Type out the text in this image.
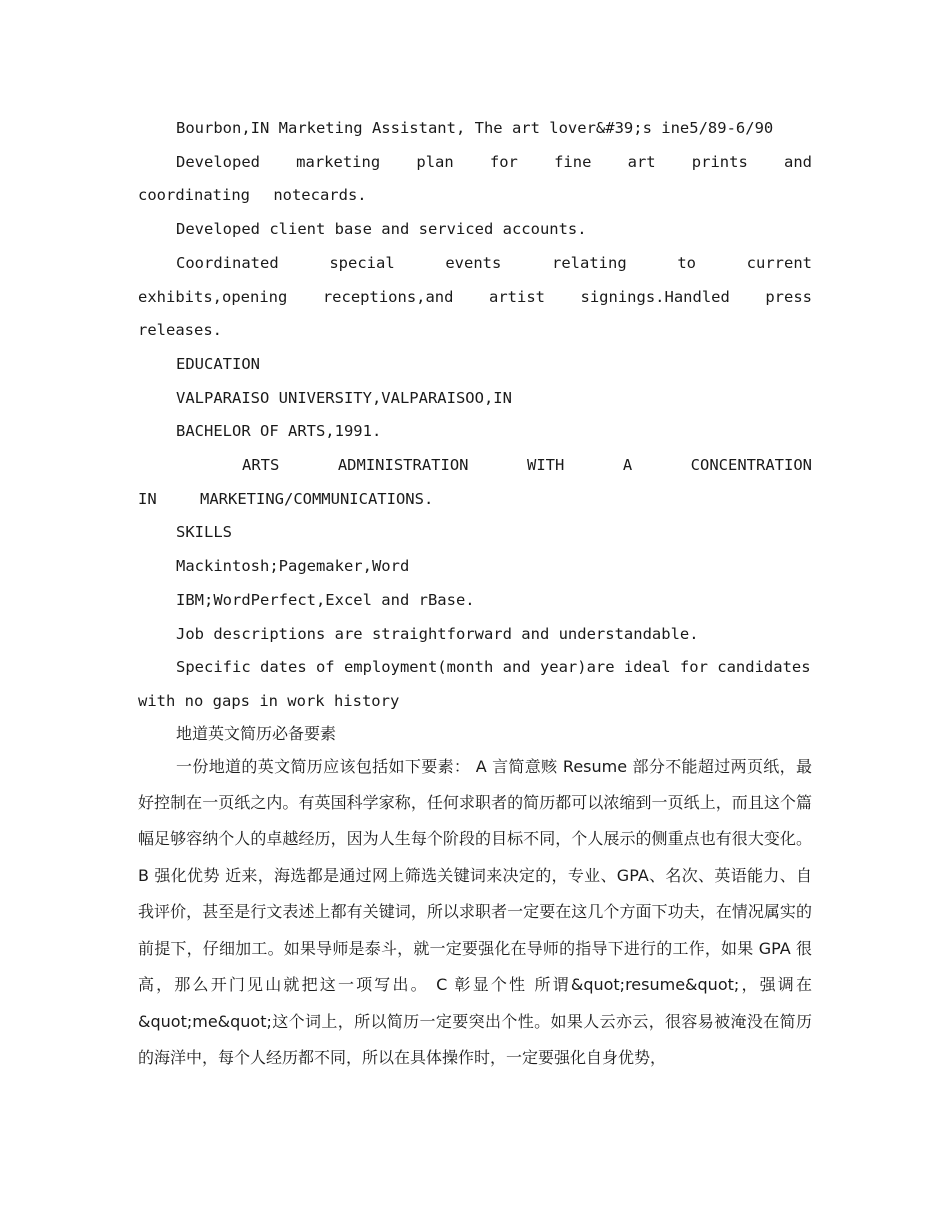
Bourbon,IN Marketing Assistant, The art lover&#39;s ine5/89-6/90

Developed marketing plan for fine art prints and coordinating notecards.

Developed client base and serviced accounts.

Coordinated special events relating to current exhibits,opening receptions,and artist signings.Handled press releases.

EDUCATION

VALPARAISO UNIVERSITY,VALPARAISOO,IN

BACHELOR OF ARTS,1991.

ARTS ADMINISTRATION WITH A CONCENTRATION IN MARKETING/COMMUNICATIONS.

SKILLS

Mackintosh;Pagemaker,Word

IBM;WordPerfect,Excel and rBase.

Job descriptions are straightforward and understandable.

Specific dates of employment(month and year)are ideal for candidates with no gaps in work history

地道英文简历必备要素

一份地道的英文简历应该包括如下要素： A 言简意赅 Resume 部分不能超过两页纸，最好控制在一页纸之内。有英国科学家称，任何求职者的简历都可以浓缩到一页纸上，而且这个篇幅足够容纳个人的卓越经历，因为人生每个阶段的目标不同，个人展示的侧重点也有很大变化。 B 强化优势 近来，海选都是通过网上筛选关键词来决定的，专业、GPA、名次、英语能力、自我评价，甚至是行文表述上都有关键词，所以求职者一定要在这几个方面下功夫，在情况属实的前提下，仔细加工。如果导师是泰斗，就一定要强化在导师的指导下进行的工作，如果 GPA 很高，那么开门见山就把这一项写出。 C 彰显个性 所谓&quot;resume&quot;，强调在&quot;me&quot;这个词上，所以简历一定要突出个性。如果人云亦云，很容易被淹没在简历的海洋中，每个人经历都不同，所以在具体操作时，一定要强化自身优势，
